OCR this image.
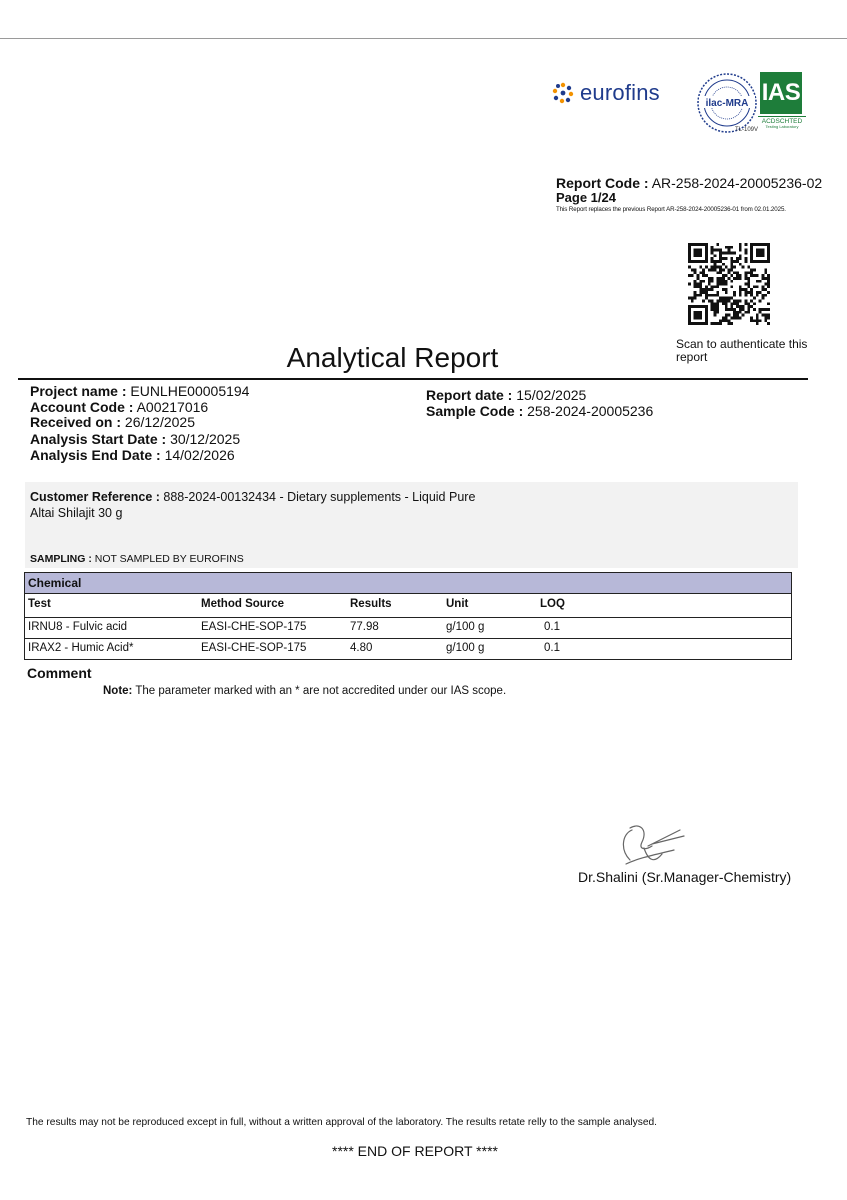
eurofins	ilac-MRA
TL-109V
IAS
ACDSCHTED
Testing Laboratory
Report Code : AR-258-2024-20005236-02
Page 1/24
This Report replaces the previous Report AR-258-2024-20005236-01 from 02.01.2025.
Scan to authenticate this report
Analytical Report
Project name : EUNLHE00005194
Account Code : A00217016
Received on : 26/12/2025
Analysis Start Date : 30/12/2025
Analysis End Date : 14/02/2026
Report date : 15/02/2025
Sample Code : 258-2024-20005236
Customer Reference : 888-2024-00132434 - Dietary supplements - Liquid Pure Altai Shilajit 30 g
SAMPLING : NOT SAMPLED BY EUROFINS
Chemical
Test	Method Source	Results	Unit	LOQ
IRNU8 - Fulvic acid	EASI-CHE-SOP-175	77.98	g/100 g	0.1
IRAX2 - Humic Acid*	EASI-CHE-SOP-175	4.80	g/100 g	0.1
Comment
Note: The parameter marked with an * are not accredited under our IAS scope.
Dr.Shalini (Sr.Manager-Chemistry)
The results may not be reproduced except in full, without a written approval of the laboratory. The results retate relly to the sample analysed.
**** END OF REPORT ****
